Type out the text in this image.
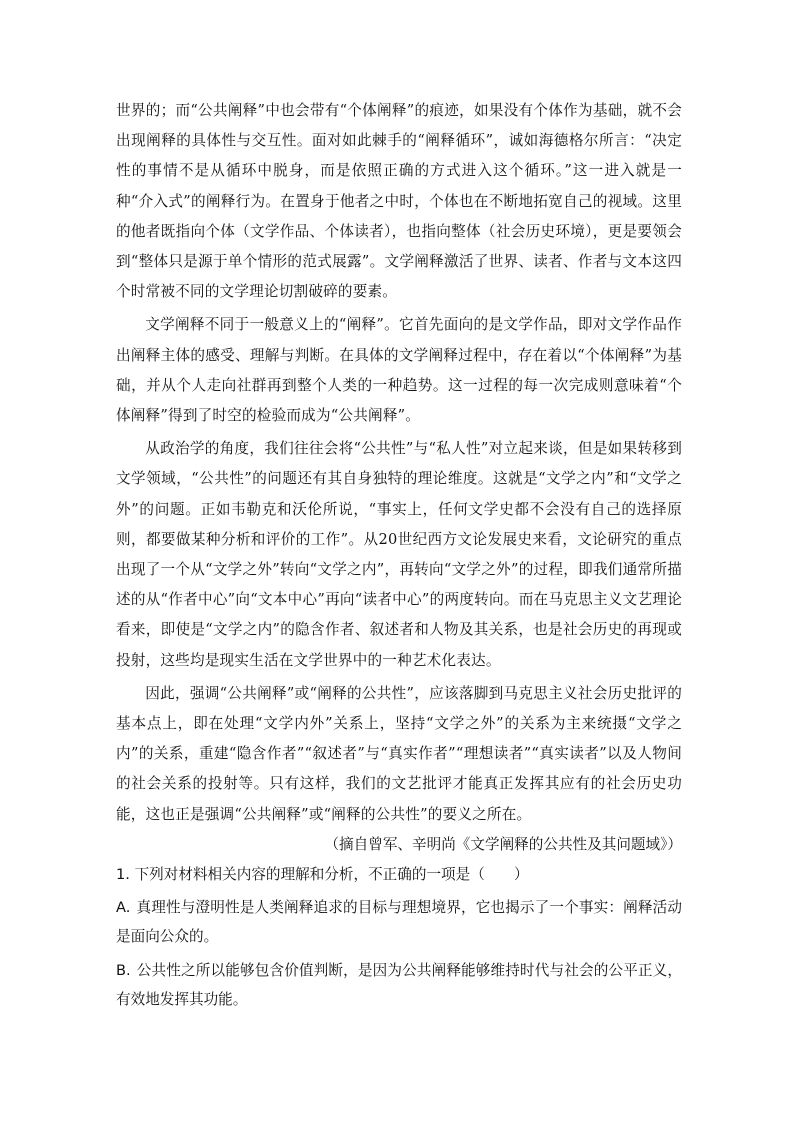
世界的；而“公共阐释”中也会带有“个体阐释”的痕迹，如果没有个体作为基础，就不会出现阐释的具体性与交互性。面对如此棘手的“阐释循环”，诚如海德格尔所言：“决定性的事情不是从循环中脱身，而是依照正确的方式进入这个循环。”这一进入就是一种“介入式”的阐释行为。在置身于他者之中时，个体也在不断地拓宽自己的视域。这里的他者既指向个体（文学作品、个体读者），也指向整体（社会历史环境），更是要领会到“整体只是源于单个情形的范式展露”。文学阐释激活了世界、读者、作者与文本这四个时常被不同的文学理论切割破碎的要素。

文学阐释不同于一般意义上的“阐释”。它首先面向的是文学作品，即对文学作品作出阐释主体的感受、理解与判断。在具体的文学阐释过程中，存在着以“个体阐释”为基础，并从个人走向社群再到整个人类的一种趋势。这一过程的每一次完成则意味着“个体阐释”得到了时空的检验而成为“公共阐释”。

从政治学的角度，我们往往会将“公共性”与“私人性”对立起来谈，但是如果转移到文学领域，“公共性”的问题还有其自身独特的理论维度。这就是“文学之内”和“文学之外”的问题。正如韦勒克和沃伦所说，“事实上，任何文学史都不会没有自己的选择原则，都要做某种分析和评价的工作”。从20世纪西方文论发展史来看，文论研究的重点出现了一个从“文学之外”转向“文学之内”，再转向“文学之外”的过程，即我们通常所描述的从“作者中心”向“文本中心”再向“读者中心”的两度转向。而在马克思主义文艺理论看来，即使是“文学之内”的隐含作者、叙述者和人物及其关系，也是社会历史的再现或投射，这些均是现实生活在文学世界中的一种艺术化表达。

因此，强调“公共阐释”或“阐释的公共性”，应该落脚到马克思主义社会历史批评的基本点上，即在处理“文学内外”关系上，坚持“文学之外”的关系为主来统摄“文学之内”的关系，重建“隐含作者”“叙述者”与“真实作者”“理想读者”“真实读者”以及人物间的社会关系的投射等。只有这样，我们的文艺批评才能真正发挥其应有的社会历史功能，这也正是强调“公共阐释”或“阐释的公共性”的要义之所在。

（摘自曾军、辛明尚《文学阐释的公共性及其问题域》）

1. 下列对材料相关内容的理解和分析，不正确的一项是（　　）

A. 真理性与澄明性是人类阐释追求的目标与理想境界，它也揭示了一个事实：阐释活动是面向公众的。

B. 公共性之所以能够包含价值判断，是因为公共阐释能够维持时代与社会的公平正义，有效地发挥其功能。
